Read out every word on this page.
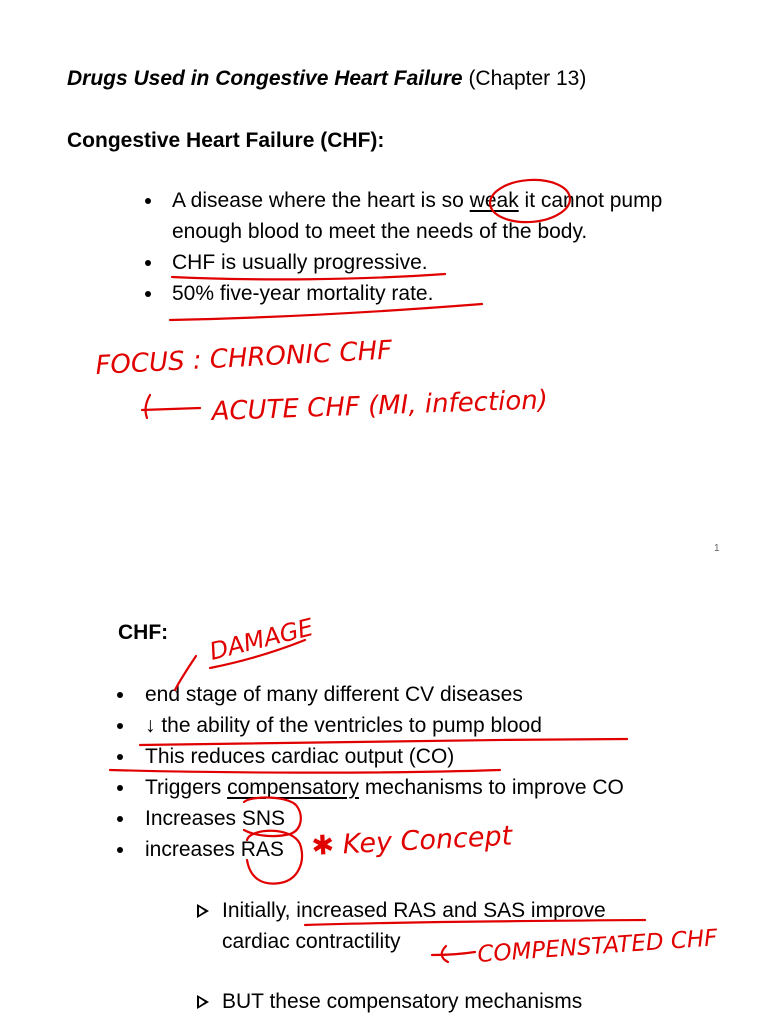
Drugs Used in Congestive Heart Failure (Chapter 13)

Congestive Heart Failure (CHF):

A disease where the heart is so weak it cannot pump

enough blood to meet the needs of the body.

CHF is usually progressive.

50% five-year mortality rate.

1

CHF:

end stage of many different CV diseases

↓ the ability of the ventricles to pump blood

This reduces cardiac output (CO)

Triggers compensatory mechanisms to improve CO

Increases SNS

increases RAS

Initially, increased RAS and SAS improve

cardiac contractility

BUT these compensatory mechanisms

FOCUS : CHRONIC CHF
ACUTE CHF (MI, infection)
DAMAGE
✱ Key Concept
COMPENSTATED CHF
